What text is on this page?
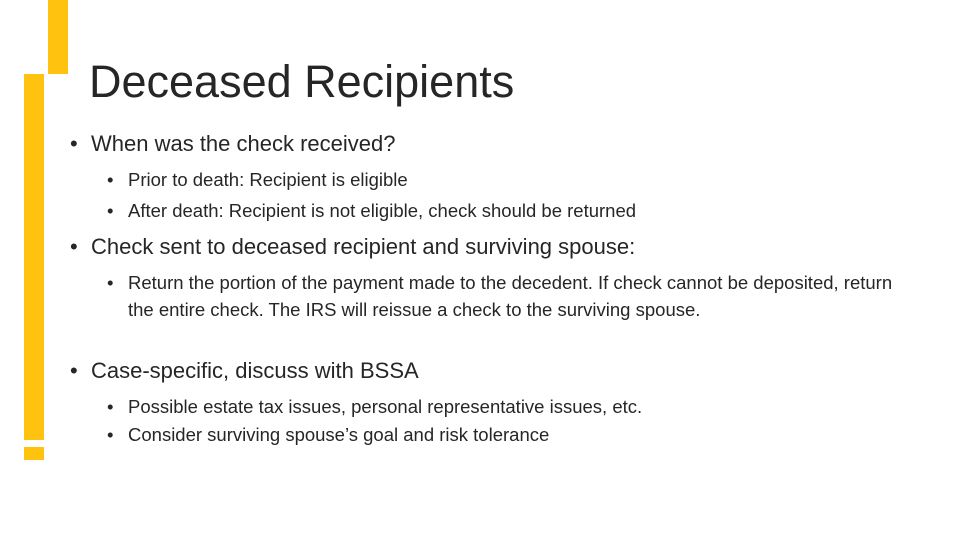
Deceased Recipients
• When was the check received?
• Prior to death: Recipient is eligible
• After death: Recipient is not eligible, check should be returned
• Check sent to deceased recipient and surviving spouse:
• Return the portion of the payment made to the decedent. If check cannot be deposited, return the entire check. The IRS will reissue a check to the surviving spouse.
• Case-specific, discuss with BSSA
• Possible estate tax issues, personal representative issues, etc.
• Consider surviving spouse’s goal and risk tolerance
